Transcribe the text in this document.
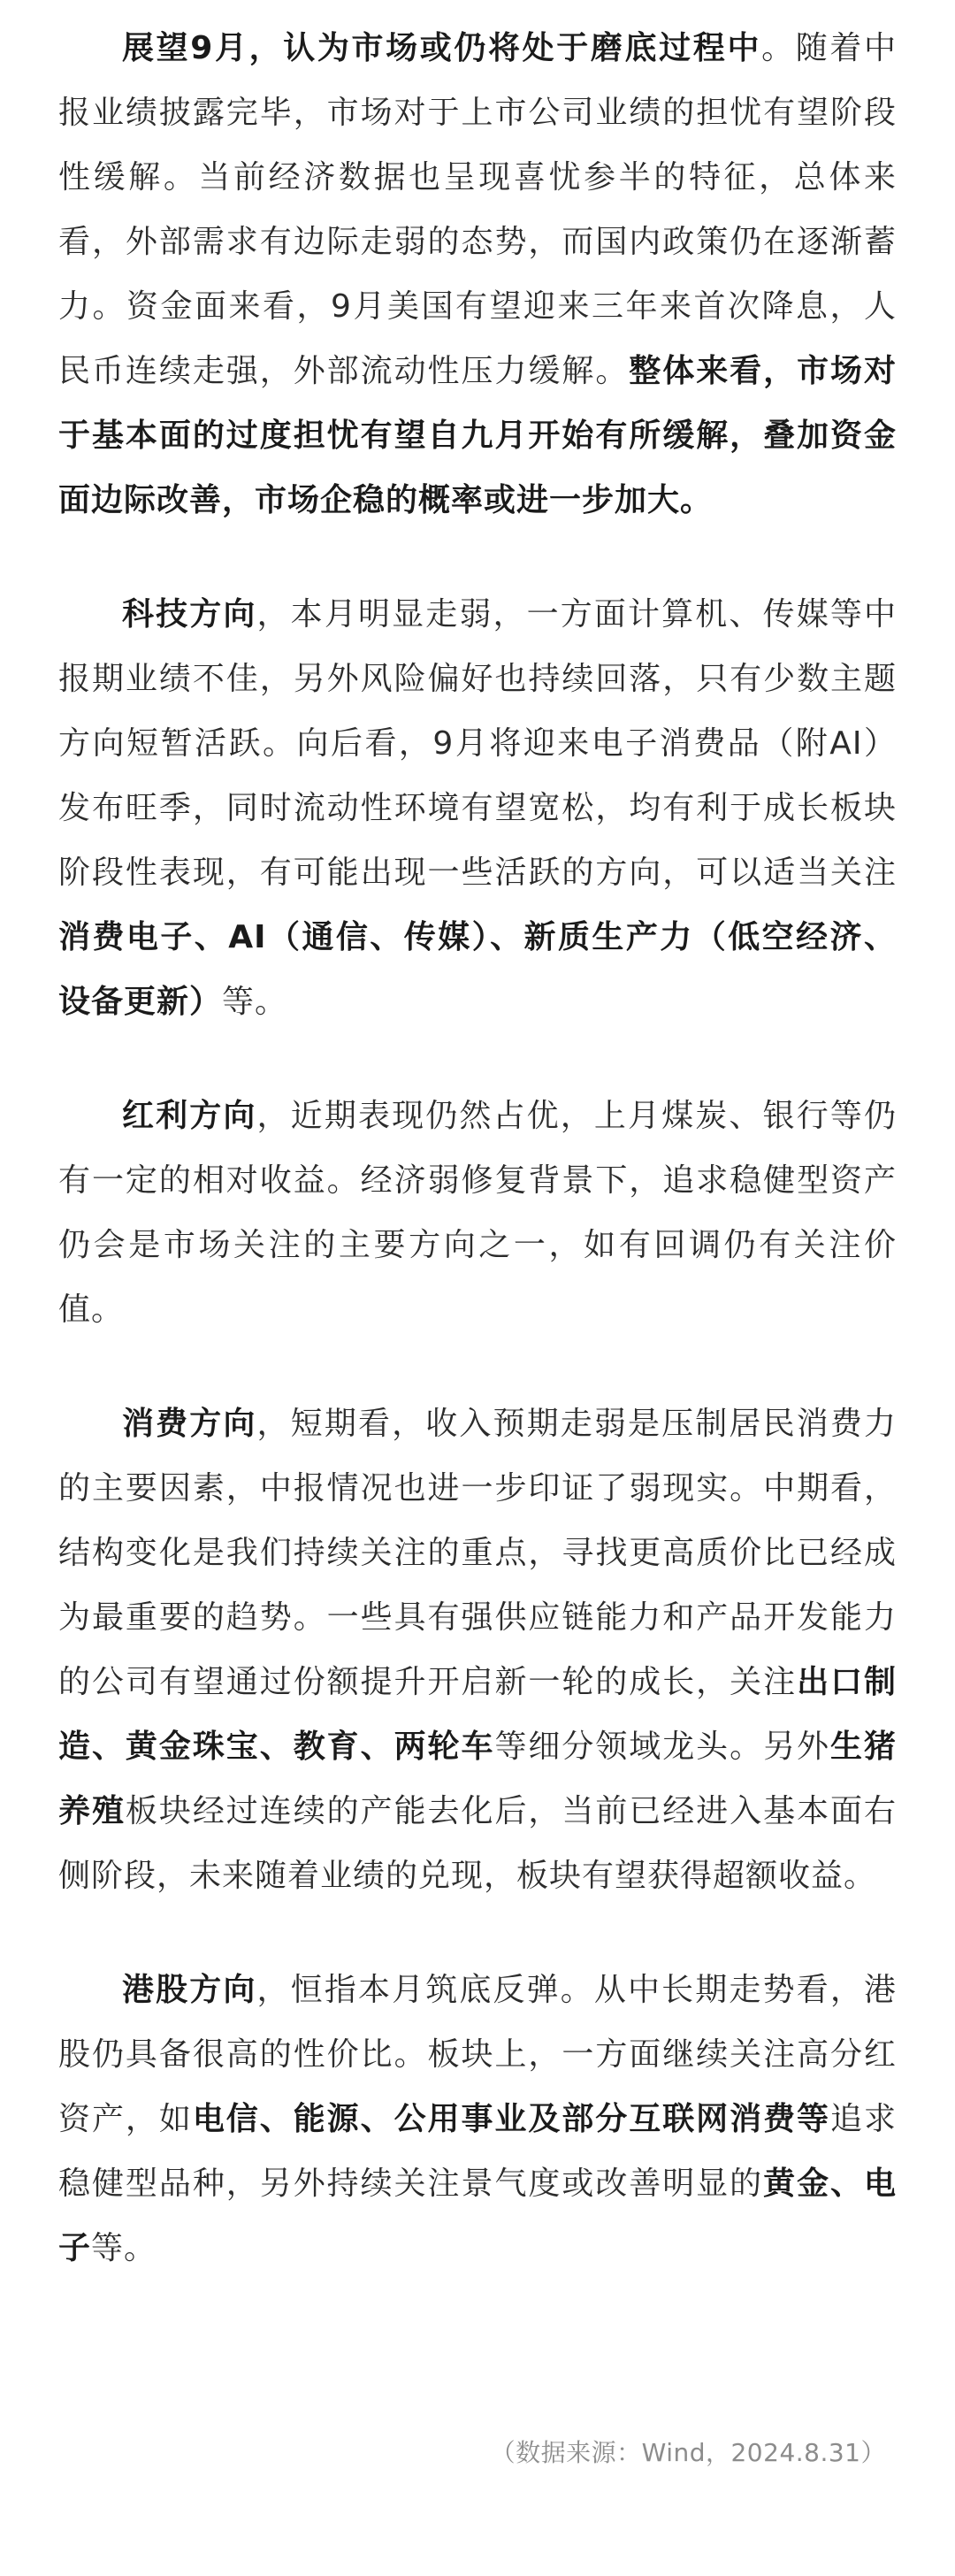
展望9月，认为市场或仍将处于磨底过程中。随着中报业绩披露完毕，市场对于上市公司业绩的担忧有望阶段性缓解。当前经济数据也呈现喜忧参半的特征，总体来看，外部需求有边际走弱的态势，而国内政策仍在逐渐蓄力。资金面来看，9月美国有望迎来三年来首次降息，人民币连续走强，外部流动性压力缓解。整体来看，市场对于基本面的过度担忧有望自九月开始有所缓解，叠加资金面边际改善，市场企稳的概率或进一步加大。

科技方向，本月明显走弱，一方面计算机、传媒等中报期业绩不佳，另外风险偏好也持续回落，只有少数主题方向短暂活跃。向后看，9月将迎来电子消费品（附AI）发布旺季，同时流动性环境有望宽松，均有利于成长板块阶段性表现，有可能出现一些活跃的方向，可以适当关注消费电子、AI（通信、传媒）、新质生产力（低空经济、设备更新）等。

红利方向，近期表现仍然占优，上月煤炭、银行等仍有一定的相对收益。经济弱修复背景下，追求稳健型资产仍会是市场关注的主要方向之一，如有回调仍有关注价值。

消费方向，短期看，收入预期走弱是压制居民消费力的主要因素，中报情况也进一步印证了弱现实。中期看，结构变化是我们持续关注的重点，寻找更高质价比已经成为最重要的趋势。一些具有强供应链能力和产品开发能力的公司有望通过份额提升开启新一轮的成长，关注出口制造、黄金珠宝、教育、两轮车等细分领域龙头。另外生猪养殖板块经过连续的产能去化后，当前已经进入基本面右侧阶段，未来随着业绩的兑现，板块有望获得超额收益。

港股方向，恒指本月筑底反弹。从中长期走势看，港股仍具备很高的性价比。板块上，一方面继续关注高分红资产，如电信、能源、公用事业及部分互联网消费等追求稳健型品种，另外持续关注景气度或改善明显的黄金、电子等。

（数据来源：Wind，2024.8.31）
